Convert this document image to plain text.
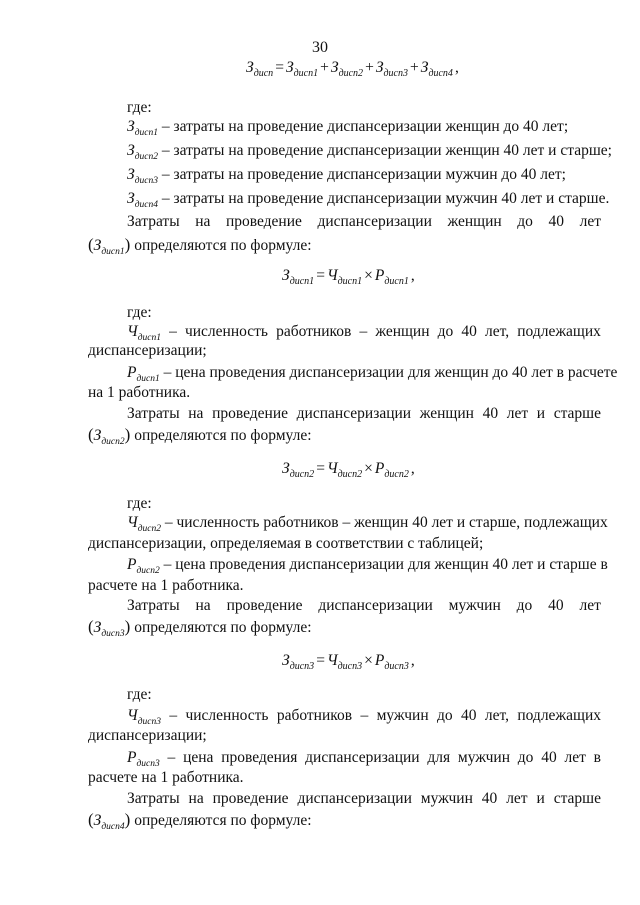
30
$З_{дисп} = З_{дисп1} + З_{дисп2} + З_{дисп3} + З_{дисп4}$ ,
где:
$З_{дисп1}$ – затраты на проведение диспансеризации женщин до 40 лет;
$З_{дисп2}$ – затраты на проведение диспансеризации женщин 40 лет и старше;
$З_{дисп3}$ – затраты на проведение диспансеризации мужчин до 40 лет;
$З_{дисп4}$ – затраты на проведение диспансеризации мужчин 40 лет и старше.
Затраты на проведение диспансеризации женщин до 40 лет
$(З_{дисп1})$ определяются по формуле:
$З_{дисп1} = Ч_{дисп1} \times Р_{дисп1}$ ,
где:
$Ч_{дисп1}$ – численность работников – женщин до 40 лет, подлежащих
диспансеризации;
$Р_{дисп1}$ – цена проведения диспансеризации для женщин до 40 лет в расчете
на 1 работника.
Затраты на проведение диспансеризации женщин 40 лет и старше
$(З_{дисп2})$ определяются по формуле:
$З_{дисп2} = Ч_{дисп2} \times Р_{дисп2}$ ,
где:
$Ч_{дисп2}$ – численность работников – женщин 40 лет и старше, подлежащих
диспансеризации, определяемая в соответствии с таблицей;
$Р_{дисп2}$ – цена проведения диспансеризации для женщин 40 лет и старше в
расчете на 1 работника.
Затраты на проведение диспансеризации мужчин до 40 лет
$(З_{дисп3})$ определяются по формуле:
$З_{дисп3} = Ч_{дисп3} \times Р_{дисп3}$ ,
где:
$Ч_{дисп3}$ – численность работников – мужчин до 40 лет, подлежащих
диспансеризации;
$Р_{дисп3}$ – цена проведения диспансеризации для мужчин до 40 лет в
расчете на 1 работника.
Затраты на проведение диспансеризации мужчин 40 лет и старше
$(З_{дисп4})$ определяются по формуле:
